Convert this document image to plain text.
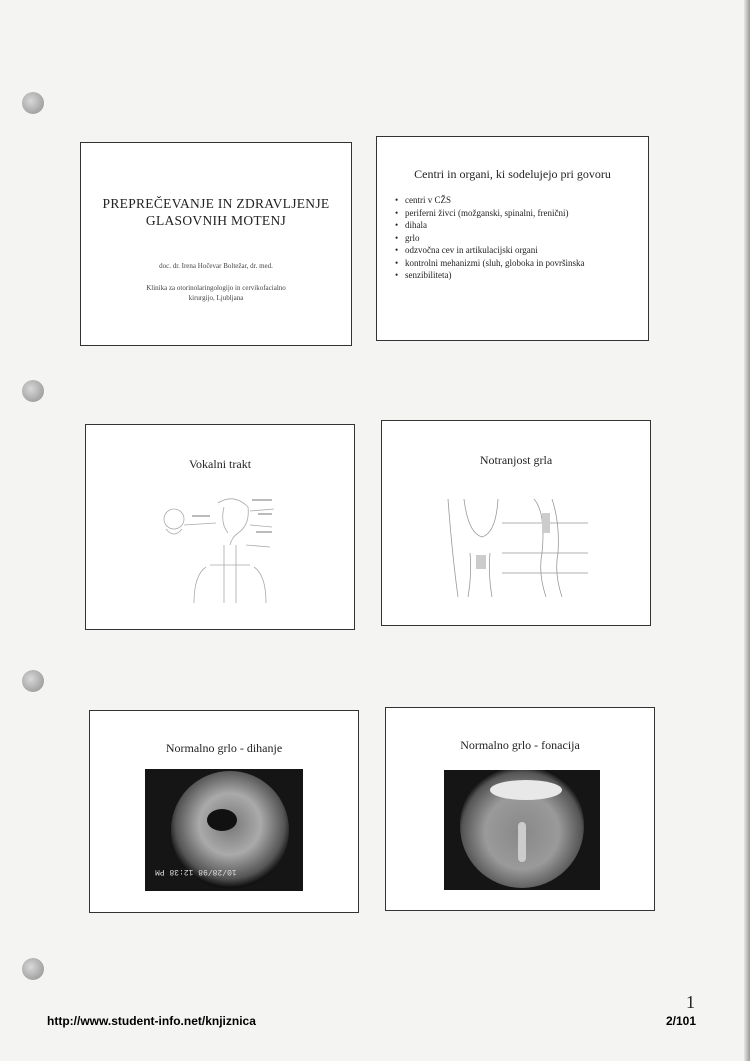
PREPREČEVANJE IN ZDRAVLJENJE
GLASOVNIH MOTENJ
doc. dr. Irena Hočevar Boltežar, dr. med.
Klinika za otorinolaringologijo in cervikofacialno
kirurgijo, Ljubljana
Centri in organi, ki sodelujejo pri govoru
• centri v CŽS
• periferni živci (možganski, spinalni, frenični)
• dihala
• grlo
• odzvočna cev in artikulacijski organi
• kontrolni mehanizmi (sluh, globoka in površinska
• senzibiliteta)
Vokalni trakt	Notranjost grla
Normalno grlo - dihanje
10/28/98 12:38 PM
Normalno grlo - fonacija
1
http://www.student-info.net/knjiznica	2/101
